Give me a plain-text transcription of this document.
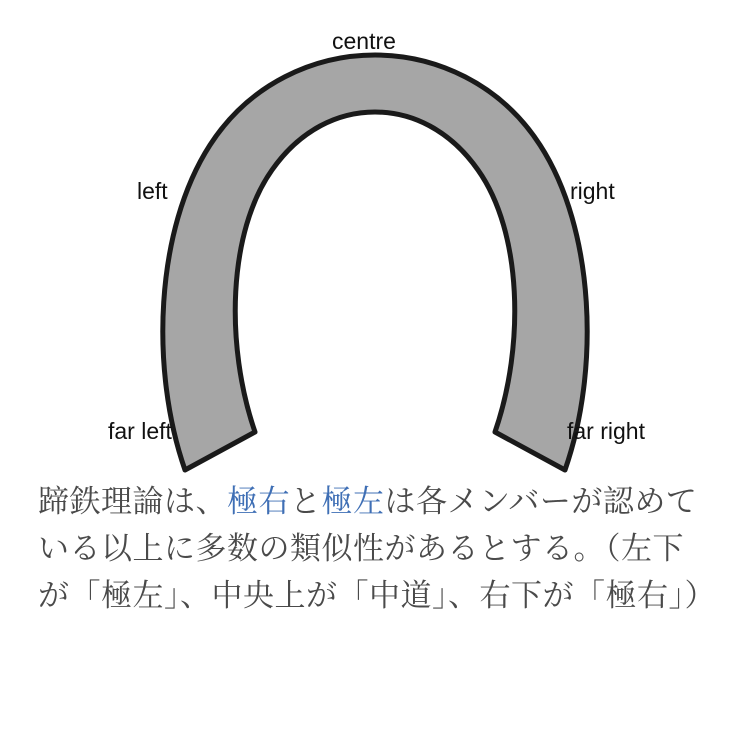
centre
left	right
far left	far right
蹄鉄理論は、極右と極左は各メンバーが認めている以上に多数の類似性があるとする。（左下が「極左」、中央上が「中道」、右下が「極右」）
